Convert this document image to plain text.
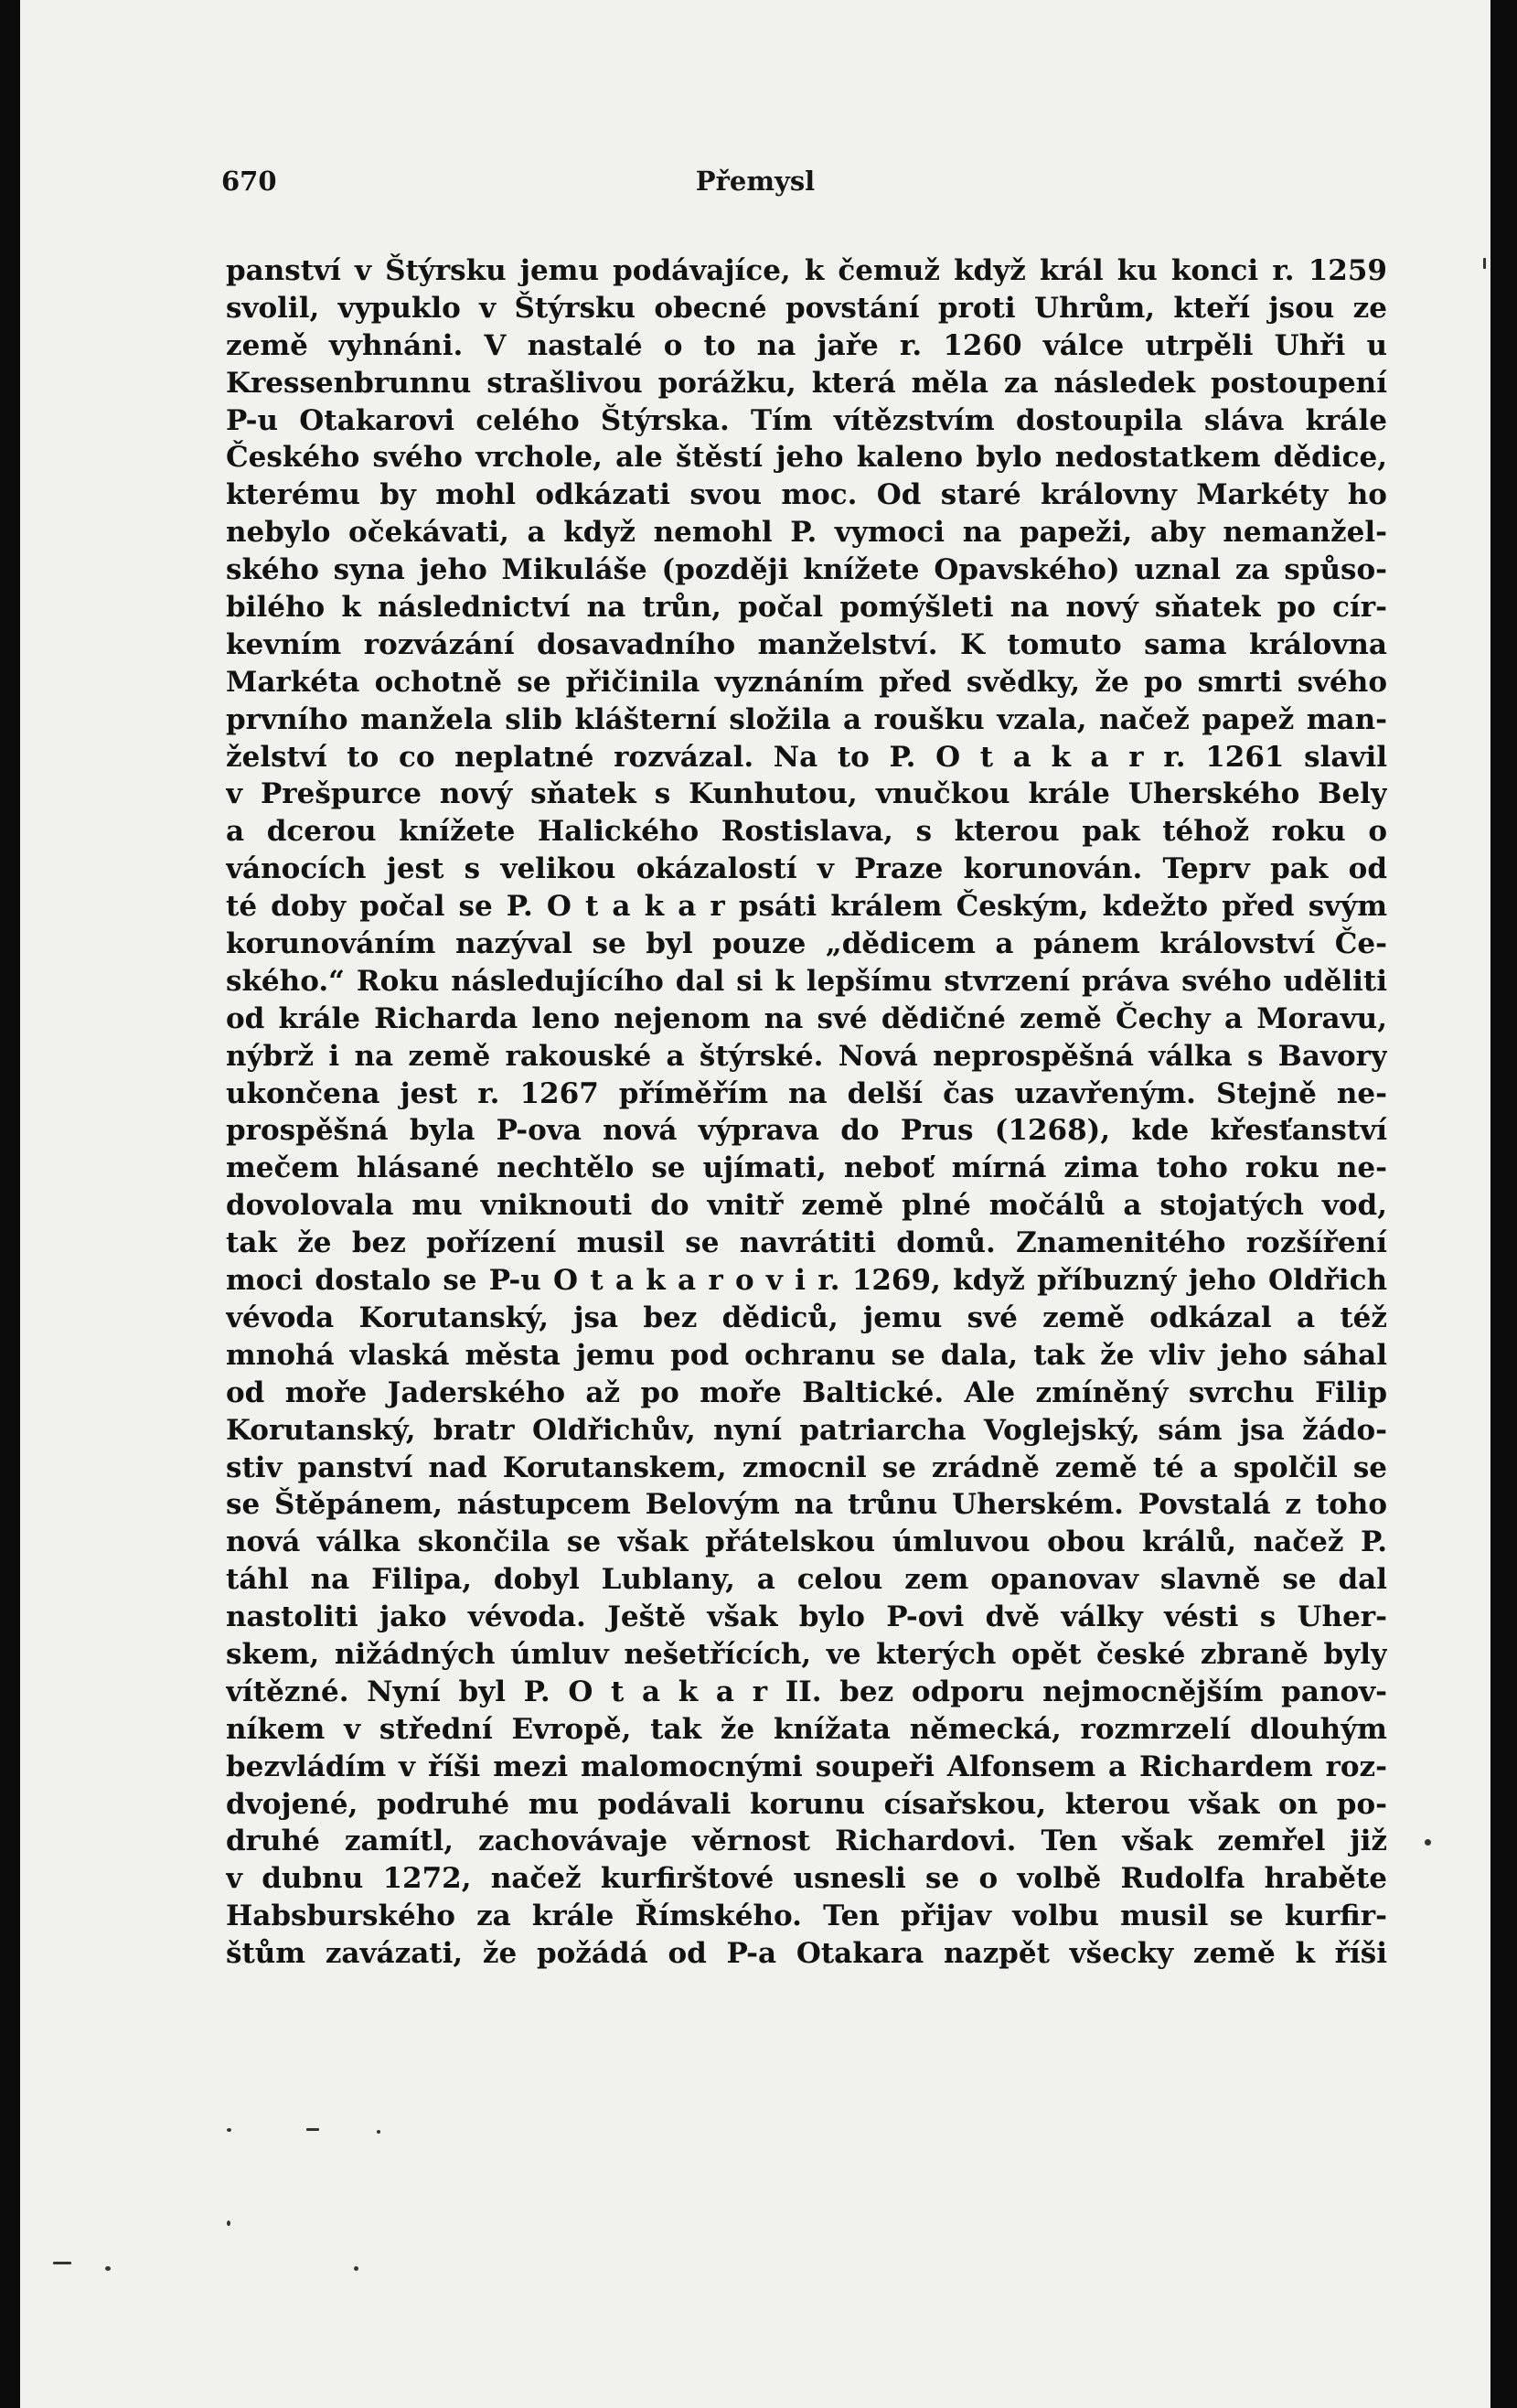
670	Přemysl
panství v Štýrsku jemu podávajíce, k čemuž když král ku konci r. 1259
svolil, vypuklo v Štýrsku obecné povstání proti Uhrům, kteří jsou ze
země vyhnáni. V nastalé o to na jaře r. 1260 válce utrpěli Uhři u
Kressenbrunnu strašlivou porážku, která měla za následek postoupení
P-u Otakarovi celého Štýrska. Tím vítězstvím dostoupila sláva krále
Českého svého vrchole, ale štěstí jeho kaleno bylo nedostatkem dědice,
kterému by mohl odkázati svou moc. Od staré královny Markéty ho
nebylo očekávati, a když nemohl P. vymoci na papeži, aby nemanžel-
ského syna jeho Mikuláše (později knížete Opavského) uznal za spůso-
bilého k následnictví na trůn, počal pomýšleti na nový sňatek po cír-
kevním rozvázání dosavadního manželství. K tomuto sama královna
Markéta ochotně se přičinila vyznáním před svědky, že po smrti svého
prvního manžela slib klášterní složila a roušku vzala, načež papež man-
želství to co neplatné rozvázal. Na to P. O t a k a r r. 1261 slavil
v Prešpurce nový sňatek s Kunhutou, vnučkou krále Uherského Bely
a dcerou knížete Halického Rostislava, s kterou pak téhož roku o
vánocích jest s velikou okázalostí v Praze korunován. Teprv pak od
té doby počal se P. O t a k a r psáti králem Českým, kdežto před svým
korunováním nazýval se byl pouze „dědicem a pánem království Če-
ského.“ Roku následujícího dal si k lepšímu stvrzení práva svého uděliti
od krále Richarda leno nejenom na své dědičné země Čechy a Moravu,
nýbrž i na země rakouské a štýrské. Nová neprospěšná válka s Bavory
ukončena jest r. 1267 příměřím na delší čas uzavřeným. Stejně ne-
prospěšná byla P-ova nová výprava do Prus (1268), kde křesťanství
mečem hlásané nechtělo se ujímati, neboť mírná zima toho roku ne-
dovolovala mu vniknouti do vnitř země plné močálů a stojatých vod,
tak že bez pořízení musil se navrátiti domů. Znamenitého rozšíření
moci dostalo se P-u O t a k a r o v i r. 1269, když příbuzný jeho Oldřich
vévoda Korutanský, jsa bez dědiců, jemu své země odkázal a též
mnohá vlaská města jemu pod ochranu se dala, tak že vliv jeho sáhal
od moře Jaderského až po moře Baltické. Ale zmíněný svrchu Filip
Korutanský, bratr Oldřichův, nyní patriarcha Voglejský, sám jsa žádo-
stiv panství nad Korutanskem, zmocnil se zrádně země té a spolčil se
se Štěpánem, nástupcem Belovým na trůnu Uherském. Povstalá z toho
nová válka skončila se však přátelskou úmluvou obou králů, načež P.
táhl na Filipa, dobyl Lublany, a celou zem opanovav slavně se dal
nastoliti jako vévoda. Ještě však bylo P-ovi dvě války vésti s Uher-
skem, nižádných úmluv nešetřících, ve kterých opět české zbraně byly
vítězné. Nyní byl P. O t a k a r II. bez odporu nejmocnějším panov-
níkem v střední Evropě, tak že knížata německá, rozmrzelí dlouhým
bezvládím v říši mezi malomocnými soupeři Alfonsem a Richardem roz-
dvojené, podruhé mu podávali korunu císařskou, kterou však on po-
druhé zamítl, zachovávaje věrnost Richardovi. Ten však zemřel již
v dubnu 1272, načež kurfirštové usnesli se o volbě Rudolfa hraběte
Habsburského za krále Římského. Ten přijav volbu musil se kurfir-
štům zavázati, že požádá od P-a Otakara nazpět všecky země k říši
